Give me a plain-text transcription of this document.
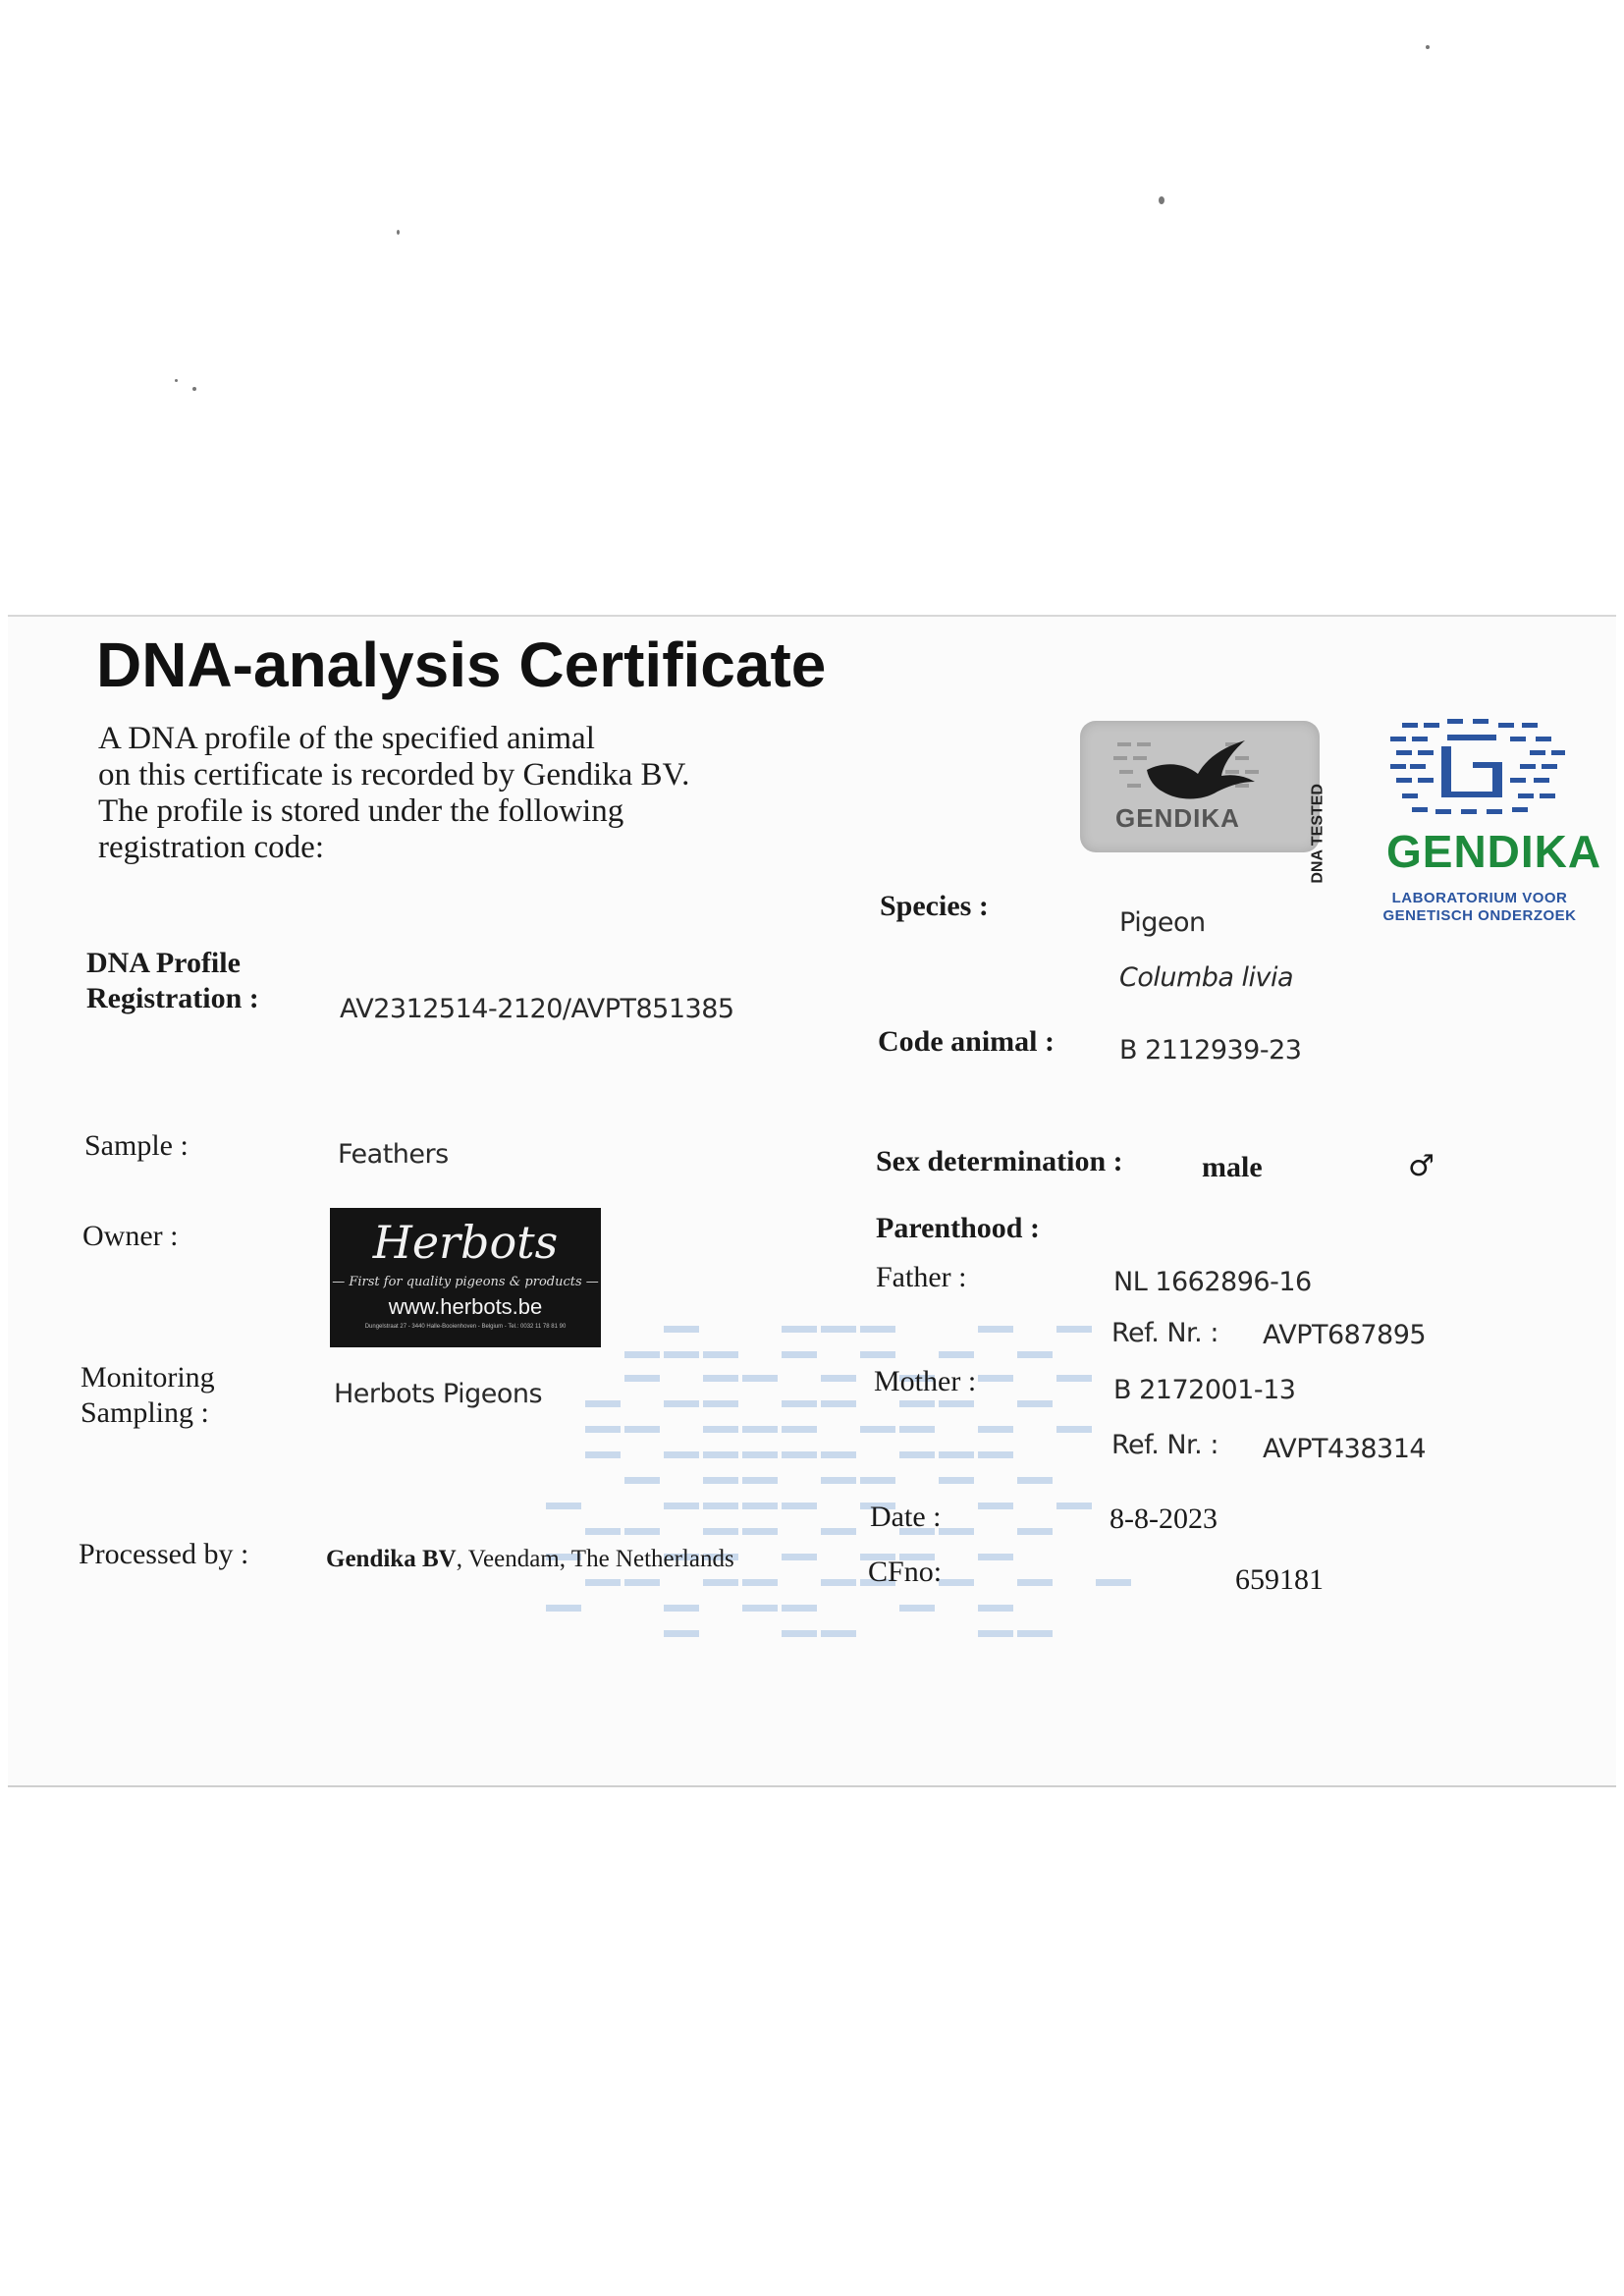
DNA-analysis Certificate
A DNA profile of the specified animal
on this certificate is recorded by Gendika BV.
The profile is stored under the following
registration code:
GENDIKA	DNA TESTED GENDIKA
LABORATORIUM VOOR
GENETISCH ONDERZOEK
DNA Profile
Registration :	AV2312514-2120/AVPT851385
Sample :	Feathers
Owner :	Herbots
— First for quality pigeons & products —
www.herbots.be
Dungelstraat 27 - 3440 Halle-Booienhoven - Belgium - Tel.: 0032 11 78 81 90
Monitoring
Sampling :
Herbots Pigeons
Processed by :	Gendika BV, Veendam, The Netherlands
Species :
Pigeon
Columba livia
Code animal : B 2112939-23
Sex determination :	male	♂
Parenthood :
Father :	NL 1662896-16
Ref. Nr. : AVPT687895
Mother :	B 2172001-13
Ref. Nr. : AVPT438314
Date :	8-8-2023
CFno:	659181
